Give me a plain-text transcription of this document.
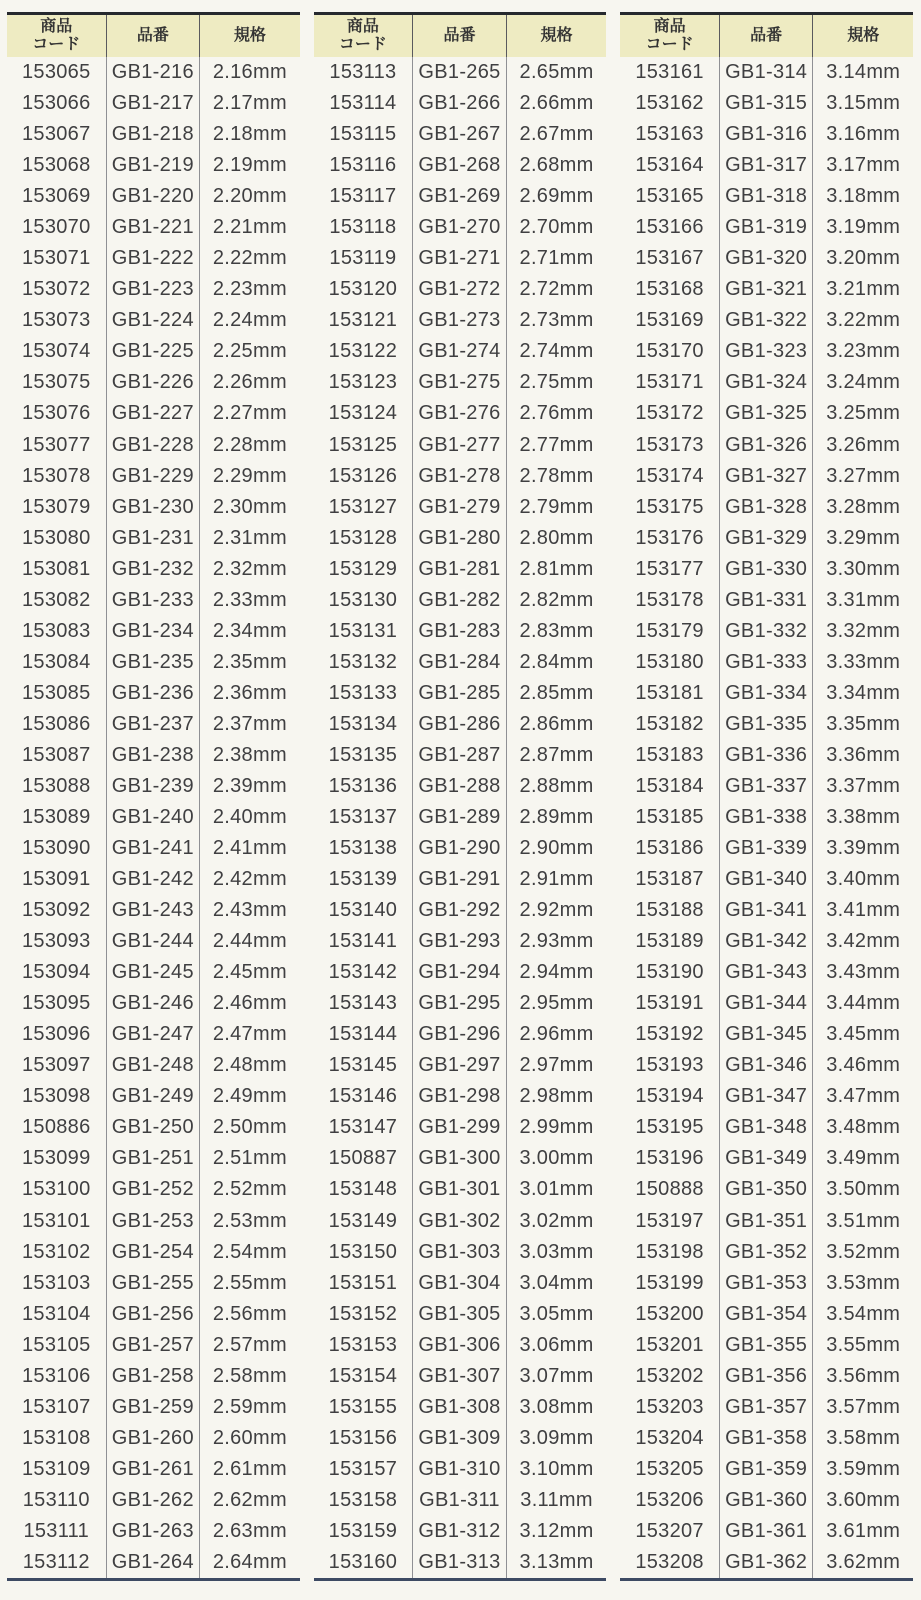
商品
コード
品番	規格
153065	GB1-216 2.16mm
153066	GB1-217 2.17mm
153067	GB1-218 2.18mm
153068	GB1-219 2.19mm
153069	GB1-220 2.20mm
153070	GB1-221 2.21mm
153071	GB1-222 2.22mm
153072	GB1-223 2.23mm
153073	GB1-224 2.24mm
153074	GB1-225 2.25mm
153075	GB1-226 2.26mm
153076	GB1-227 2.27mm
153077	GB1-228 2.28mm
153078	GB1-229 2.29mm
153079	GB1-230 2.30mm
153080	GB1-231 2.31mm
153081	GB1-232 2.32mm
153082	GB1-233 2.33mm
153083	GB1-234 2.34mm
153084	GB1-235 2.35mm
153085	GB1-236 2.36mm
153086	GB1-237 2.37mm
153087	GB1-238 2.38mm
153088	GB1-239 2.39mm
153089	GB1-240 2.40mm
153090	GB1-241 2.41mm
153091	GB1-242 2.42mm
153092	GB1-243 2.43mm
153093	GB1-244 2.44mm
153094	GB1-245 2.45mm
153095	GB1-246 2.46mm
153096	GB1-247 2.47mm
153097	GB1-248 2.48mm
153098	GB1-249 2.49mm
150886	GB1-250 2.50mm
153099	GB1-251 2.51mm
153100	GB1-252 2.52mm
153101	GB1-253 2.53mm
153102	GB1-254 2.54mm
153103	GB1-255 2.55mm
153104	GB1-256 2.56mm
153105	GB1-257 2.57mm
153106	GB1-258 2.58mm
153107	GB1-259 2.59mm
153108	GB1-260 2.60mm
153109	GB1-261 2.61mm
153110	GB1-262 2.62mm
153111	GB1-263 2.63mm
153112	GB1-264 2.64mm
商品
コード
品番	規格
153113	GB1-265 2.65mm
153114	GB1-266 2.66mm
153115	GB1-267 2.67mm
153116	GB1-268 2.68mm
153117	GB1-269 2.69mm
153118	GB1-270 2.70mm
153119	GB1-271 2.71mm
153120	GB1-272 2.72mm
153121	GB1-273 2.73mm
153122	GB1-274 2.74mm
153123	GB1-275 2.75mm
153124	GB1-276 2.76mm
153125	GB1-277 2.77mm
153126	GB1-278 2.78mm
153127	GB1-279 2.79mm
153128	GB1-280 2.80mm
153129	GB1-281 2.81mm
153130	GB1-282 2.82mm
153131	GB1-283 2.83mm
153132	GB1-284 2.84mm
153133	GB1-285 2.85mm
153134	GB1-286 2.86mm
153135	GB1-287 2.87mm
153136	GB1-288 2.88mm
153137	GB1-289 2.89mm
153138	GB1-290 2.90mm
153139	GB1-291 2.91mm
153140	GB1-292 2.92mm
153141	GB1-293 2.93mm
153142	GB1-294 2.94mm
153143	GB1-295 2.95mm
153144	GB1-296 2.96mm
153145	GB1-297 2.97mm
153146	GB1-298 2.98mm
153147	GB1-299 2.99mm
150887	GB1-300 3.00mm
153148	GB1-301 3.01mm
153149	GB1-302 3.02mm
153150	GB1-303 3.03mm
153151	GB1-304 3.04mm
153152	GB1-305 3.05mm
153153	GB1-306 3.06mm
153154	GB1-307 3.07mm
153155	GB1-308 3.08mm
153156	GB1-309 3.09mm
153157	GB1-310 3.10mm
153158	GB1-311	3.11mm
153159	GB1-312 3.12mm
153160	GB1-313 3.13mm
商品
コード
品番	規格
153161	GB1-314 3.14mm
153162	GB1-315 3.15mm
153163	GB1-316 3.16mm
153164	GB1-317 3.17mm
153165	GB1-318 3.18mm
153166	GB1-319 3.19mm
153167	GB1-320 3.20mm
153168	GB1-321 3.21mm
153169	GB1-322 3.22mm
153170	GB1-323 3.23mm
153171	GB1-324 3.24mm
153172	GB1-325 3.25mm
153173	GB1-326 3.26mm
153174	GB1-327 3.27mm
153175	GB1-328 3.28mm
153176	GB1-329 3.29mm
153177	GB1-330 3.30mm
153178	GB1-331 3.31mm
153179	GB1-332 3.32mm
153180	GB1-333 3.33mm
153181	GB1-334 3.34mm
153182	GB1-335 3.35mm
153183	GB1-336 3.36mm
153184	GB1-337 3.37mm
153185	GB1-338 3.38mm
153186	GB1-339 3.39mm
153187	GB1-340 3.40mm
153188	GB1-341 3.41mm
153189	GB1-342 3.42mm
153190	GB1-343 3.43mm
153191	GB1-344 3.44mm
153192	GB1-345 3.45mm
153193	GB1-346 3.46mm
153194	GB1-347 3.47mm
153195	GB1-348 3.48mm
153196	GB1-349 3.49mm
150888	GB1-350 3.50mm
153197	GB1-351 3.51mm
153198	GB1-352 3.52mm
153199	GB1-353 3.53mm
153200	GB1-354 3.54mm
153201	GB1-355 3.55mm
153202	GB1-356 3.56mm
153203	GB1-357 3.57mm
153204	GB1-358 3.58mm
153205	GB1-359 3.59mm
153206	GB1-360 3.60mm
153207	GB1-361 3.61mm
153208	GB1-362 3.62mm
